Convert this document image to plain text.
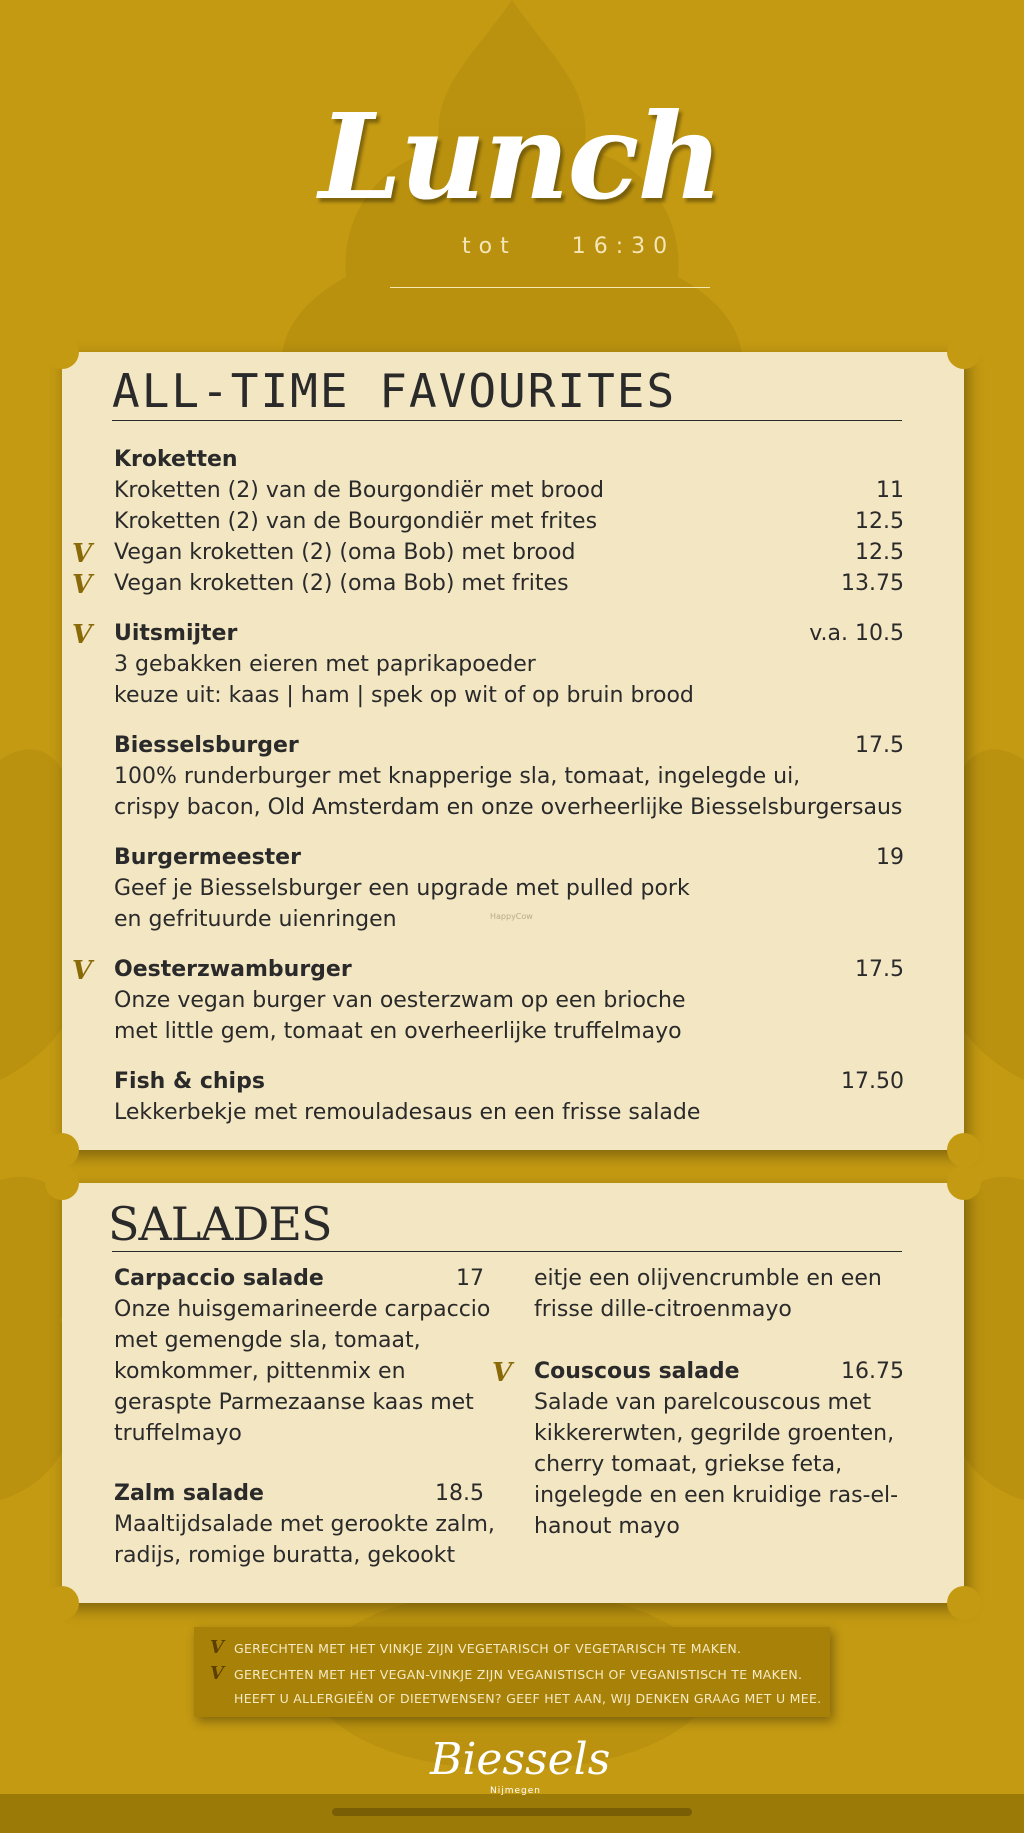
Lunch
tot 16:30
ALL-TIME FAVOURITES
Kroketten
Kroketten (2) van de Bourgondiër met brood	11
Kroketten (2) van de Bourgondiër met frites	12.5
V Vegan kroketten (2) (oma Bob) met brood	12.5
V Vegan kroketten (2) (oma Bob) met frites	13.75
V Uitsmijter	v.a. 10.5
3 gebakken eieren met paprikapoeder
keuze uit: kaas | ham | spek op wit of op bruin brood
Biesselsburger	17.5
100% runderburger met knapperige sla, tomaat, ingelegde ui,
crispy bacon, Old Amsterdam en onze overheerlijke Biesselsburgersaus
Burgermeester	19
Geef je Biesselsburger een upgrade met pulled pork
en gefrituurde uienringen
V Oesterzwamburger	17.5
Onze vegan burger van oesterzwam op een brioche
met little gem, tomaat en overheerlijke truffelmayo
Fish & chips	17.50
Lekkerbekje met remouladesaus en een frisse salade
HappyCow
SALADES
Carpaccio salade	17
Onze huisgemarineerde carpaccio
met gemengde sla, tomaat,
komkommer, pittenmix en
geraspte Parmezaanse kaas met
truffelmayo
Zalm salade	18.5
Maaltijdsalade met gerookte zalm,
radijs, romige buratta, gekookt
eitje een olijvencrumble en een
frisse dille-citroenmayo
V Couscous salade	16.75
Salade van parelcouscous met
kikkererwten, gegrilde groenten,
cherry tomaat, griekse feta,
ingelegde en een kruidige ras-el-
hanout mayo
V GERECHTEN MET HET VINKJE ZIJN VEGETARISCH OF VEGETARISCH TE MAKEN.
V GERECHTEN MET HET VEGAN-VINKJE ZIJN VEGANISTISCH OF VEGANISTISCH TE MAKEN.
HEEFT U ALLERGIEËN OF DIEETWENSEN? GEEF HET AAN, WIJ DENKEN GRAAG MET U MEE.
Biessels
Nijmegen
